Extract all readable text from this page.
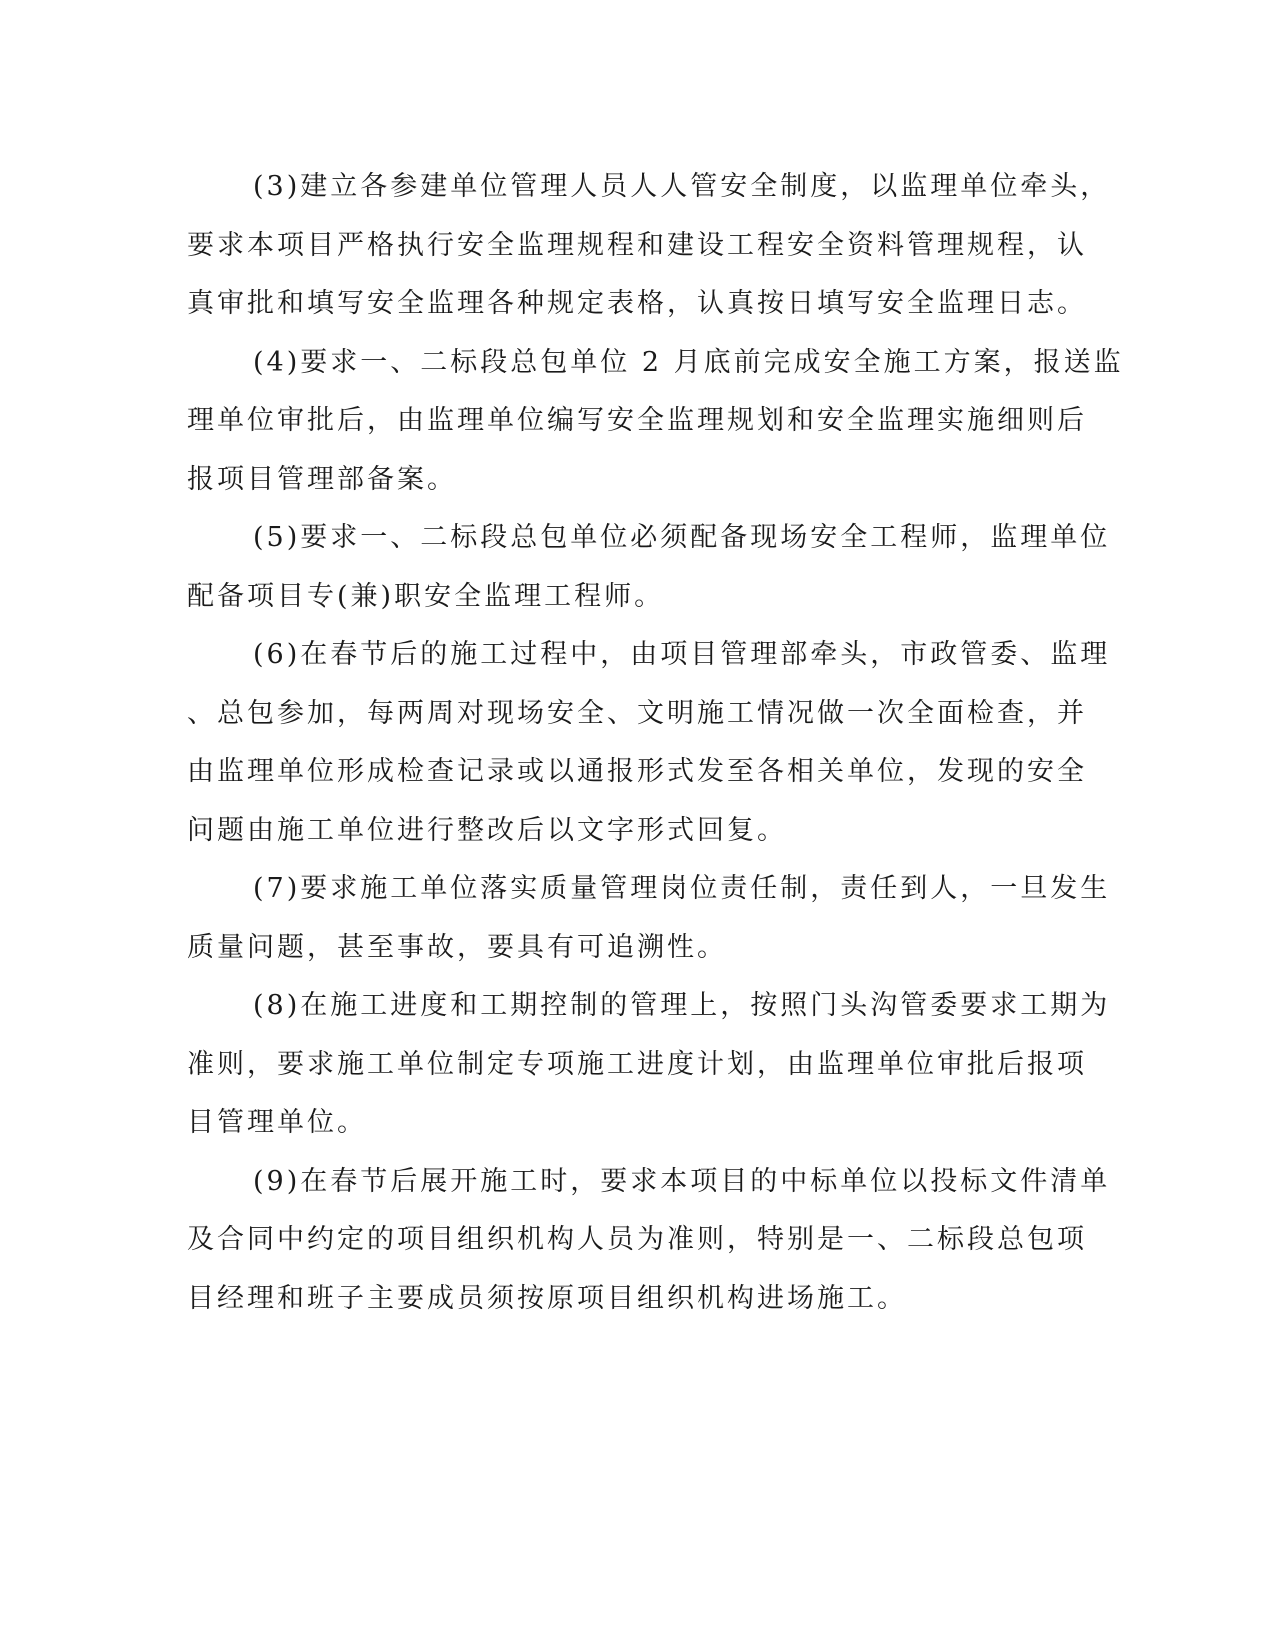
(3)建立各参建单位管理人员人人管安全制度，以监理单位牵头，
要求本项目严格执行安全监理规程和建设工程安全资料管理规程，认
真审批和填写安全监理各种规定表格，认真按日填写安全监理日志。

(4)要求一、二标段总包单位 2 月底前完成安全施工方案，报送监
理单位审批后，由监理单位编写安全监理规划和安全监理实施细则后
报项目管理部备案。

(5)要求一、二标段总包单位必须配备现场安全工程师，监理单位
配备项目专(兼)职安全监理工程师。

(6)在春节后的施工过程中，由项目管理部牵头，市政管委、监理
、总包参加，每两周对现场安全、文明施工情况做一次全面检查，并
由监理单位形成检查记录或以通报形式发至各相关单位，发现的安全
问题由施工单位进行整改后以文字形式回复。

(7)要求施工单位落实质量管理岗位责任制，责任到人，一旦发生
质量问题，甚至事故，要具有可追溯性。

(8)在施工进度和工期控制的管理上，按照门头沟管委要求工期为
准则，要求施工单位制定专项施工进度计划，由监理单位审批后报项
目管理单位。

(9)在春节后展开施工时，要求本项目的中标单位以投标文件清单
及合同中约定的项目组织机构人员为准则，特别是一、二标段总包项
目经理和班子主要成员须按原项目组织机构进场施工。
